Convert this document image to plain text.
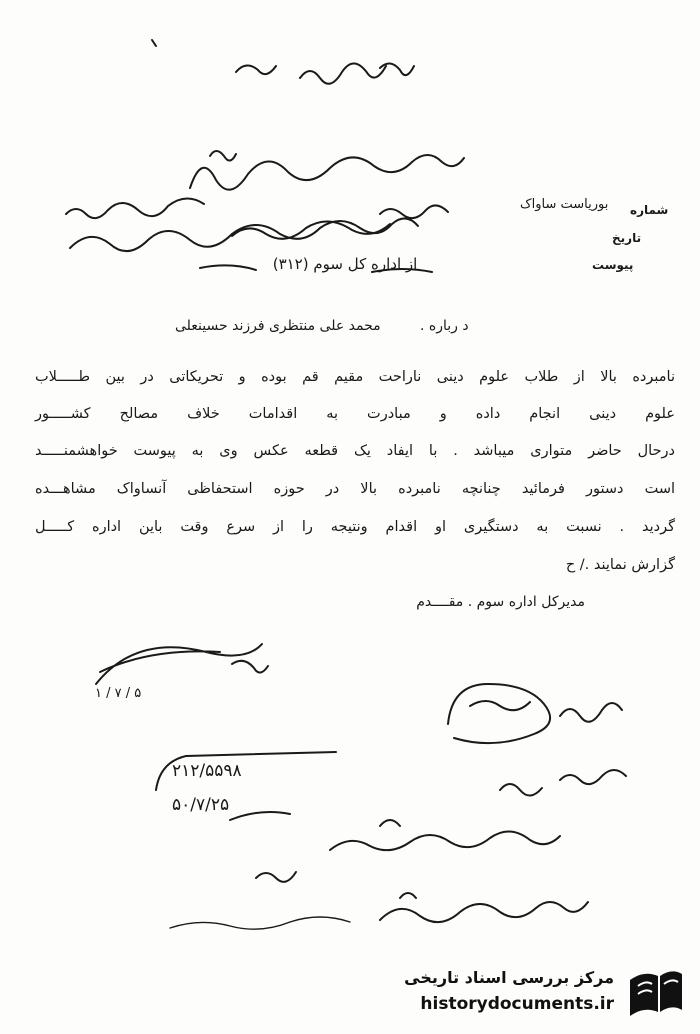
۱ / ۷ / ۵
۲۱۲/۵۵۹۸
۵۰/۷/۲۵
شماره
تاریخ
پیوست
بوریاست ساواک
از اداره کل سوم (۳۱۲)
د رباره .
محمد علی منتظری فرزند حسینعلی
نامبرده بالا از طلاب علوم دینی ناراحت مقیم قم بوده و تحریکاتی در بین طـــــلاب
علوم دینی انجام داده و مبادرت به اقدامات خلاف مصالح کشـــــور
درحال حاضر متواری میباشد . با ایفاد یک قطعه عکس وی به پیوست خواهشمنـــــد
است دستور فرمائید چنانچه نامبرده بالا در حوزه استحفاظی آنساواک مشاهـــده
گردید . نسبت به دستگیری او اقدام ونتیجه را از سرع وقت باین اداره کـــــل
گزارش نمایند ./ ح
مدیرکل اداره سوم . مقــــدم
مرکز بررسی اسناد تاریخی
historydocuments.ir
